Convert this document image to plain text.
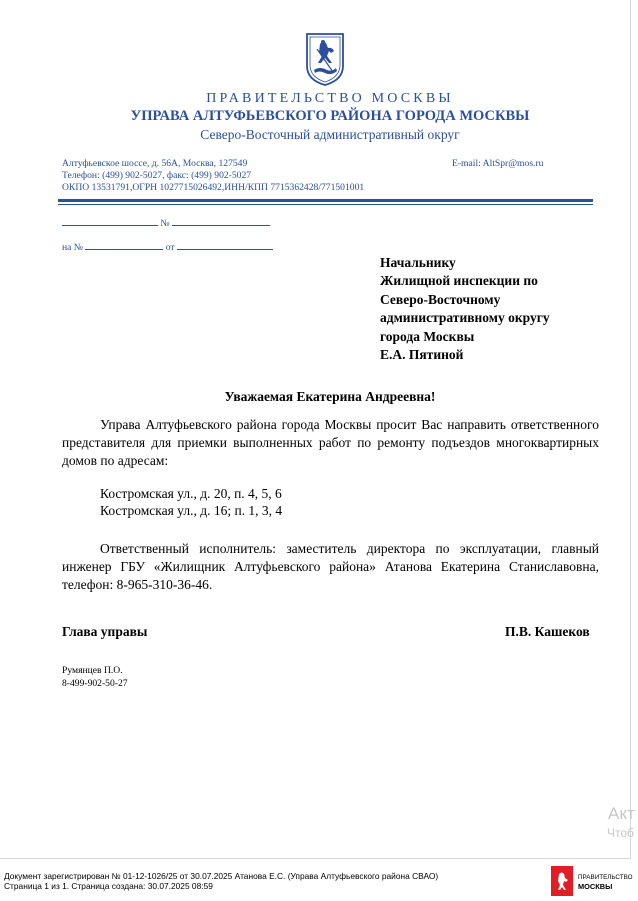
ПРАВИТЕЛЬСТВО МОСКВЫ
УПРАВА АЛТУФЬЕВСКОГО РАЙОНА ГОРОДА МОСКВЫ
Северо-Восточный административный округ
Алтуфьевское шоссе, д. 56А, Москва, 127549
Телефон: (499) 902-5027, факс: (499) 902-5027
ОКПО 13531791,ОГРН 1027715026492,ИНН/КПП 7715362428/771501001
E-mail: AltSpr@mos.ru
№
на №	от
Начальнику
Жилищной инспекции по
Северо-Восточному
административному округу
города Москвы
Е.А. Пятиной
Уважаемая Екатерина Андреевна!
Управа Алтуфьевского района города Москвы просит Вас направить ответственного представителя для приемки выполненных работ по ремонту подъездов многоквартирных домов по адресам:
Костромская ул., д. 20, п. 4, 5, 6
Костромская ул., д. 16; п. 1, 3, 4
Ответственный исполнитель: заместитель директора по эксплуатации, главный инженер ГБУ «Жилищник Алтуфьевского района» Атанова Екатерина Станиславовна, телефон: 8-965-310-36-46.
Глава управы	П.В. Кашеков
Румянцев П.О.
8-499-902-50-27
Акт
Чтоб
Документ зарегистрирован № 01-12-1026/25 от 30.07.2025 Атанова Е.С. (Управа Алтуфьевского района СВАО)
Страница 1 из 1. Страница создана: 30.07.2025 08:59
ПРАВИТЕЛЬСТВО
МОСКВЫ
